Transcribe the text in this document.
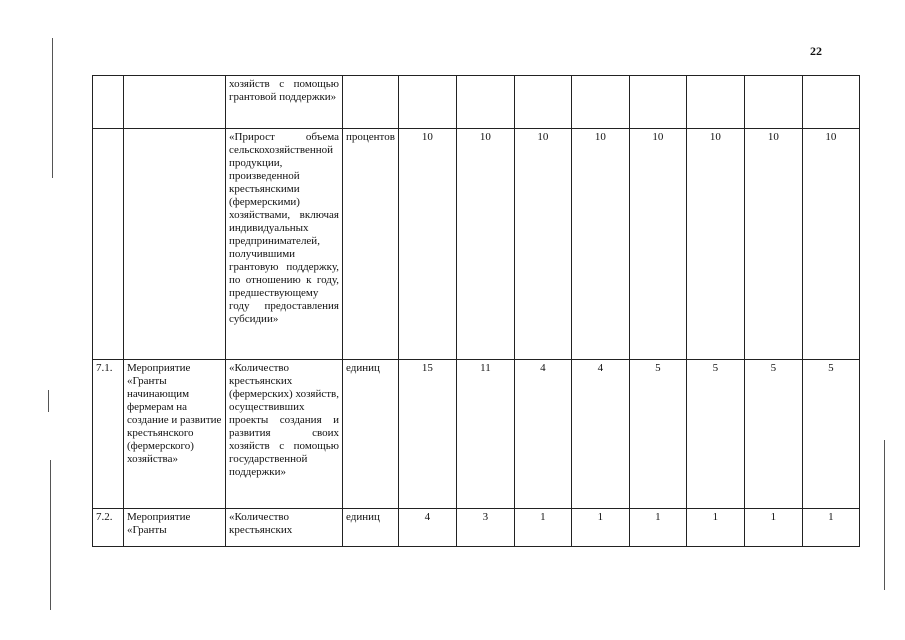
22
		хозяйств с помощью грантовой поддержки»									
		«Прирост объема сельскохозяйственной продукции, произведенной крестьянскими (фермерскими) хозяйствами, включая индивидуальных предпринимателей, получившими грантовую поддержку, по отношению к году, предшествующему году предоставления субсидии»	процентов	10	10	10	10	10	10	10	10
7.1.	Мероприятие «Гранты начинающим фермерам на создание и развитие крестьянского (фермерского) хозяйства»	«Количество крестьянских (фермерских) хозяйств, осуществивших проекты создания и развития своих хозяйств с помощью государственной поддержки»	единиц	15	11	4	4	5	5	5	5
7.2.	Мероприятие «Гранты	«Количество крестьянских	единиц	4	3	1	1	1	1	1	1
